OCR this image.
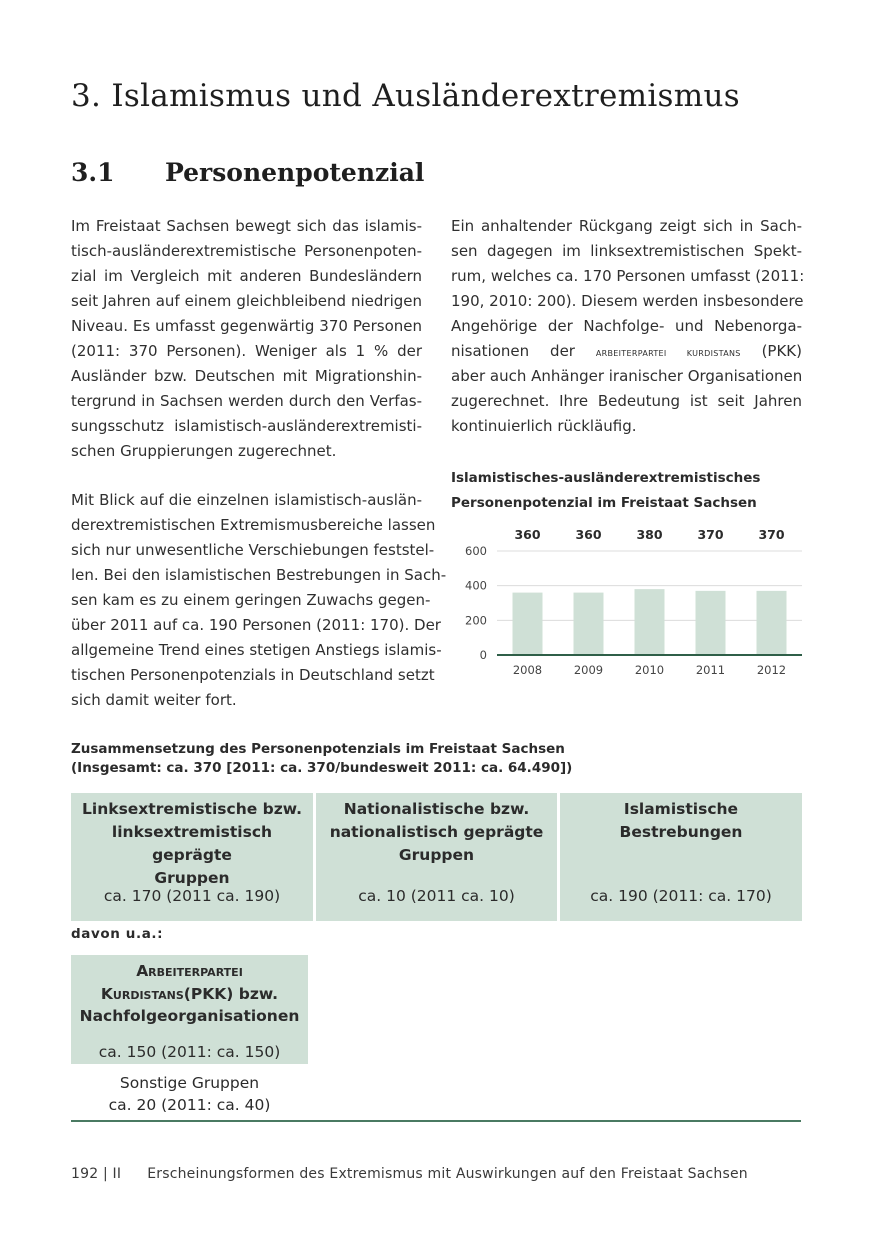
3. Islamismus und Ausländerextremismus
3.1 Personenpotenzial
Im Freistaat Sachsen bewegt sich das islamis-
tisch-ausländerextremistische Personenpoten-
zial im Vergleich mit anderen Bundesländern
seit Jahren auf einem gleichbleibend niedrigen
Niveau. Es umfasst gegenwärtig 370 Personen
(2011: 370 Personen). Weniger als 1 % der
Ausländer bzw. Deutschen mit Migrationshin-
tergrund in Sachsen werden durch den Verfas-
sungsschutz islamistisch-ausländerextremisti-
schen Gruppierungen zugerechnet.
Mit Blick auf die einzelnen islamistisch-auslän-
derextremistischen Extremismusbereiche lassen
sich nur unwesentliche Verschiebungen feststel-
len. Bei den islamistischen Bestrebungen in Sach-
sen kam es zu einem geringen Zuwachs gegen-
über 2011 auf ca. 190 Personen (2011: 170). Der
allgemeine Trend eines stetigen Anstiegs islamis-
tischen Personenpotenzials in Deutschland setzt
sich damit weiter fort.
Ein anhaltender Rückgang zeigt sich in Sach-
sen dagegen im linksextremistischen Spekt-
rum, welches ca. 170 Personen umfasst (2011:
190, 2010: 200). Diesem werden insbesondere
Angehörige der Nachfolge- und Nebenorga-
nisationen der arbeiterpartei kurdistans (PKK)
aber auch Anhänger iranischer Organisationen
zugerechnet. Ihre Bedeutung ist seit Jahren
kontinuierlich rückläufig.
Islamistisches-ausländerextremistisches
Personenpotenzial im Freistaat Sachsen
0
200
400
600
360
2008
360
2009
380
2010
370
2011
370
2012
Zusammensetzung des Personenpotenzials im Freistaat Sachsen
(Insgesamt: ca. 370 [2011: ca. 370/bundesweit 2011: ca. 64.490])
Linksextremistische bzw.
linksextremistisch geprägte
Gruppen
ca. 170 (2011 ca. 190)
Nationalistische bzw.
nationalistisch geprägte
Gruppen
ca. 10 (2011 ca. 10)
Islamistische
Bestrebungen
ca. 190 (2011: ca. 170)
davon u.a.:
Arbeiterpartei
Kurdistans(PKK) bzw.
Nachfolgeorganisationen
ca. 150 (2011: ca. 150)
Sonstige Gruppen
ca. 20 (2011: ca. 40)
192 | II Erscheinungsformen des Extremismus mit Auswirkungen auf den Freistaat Sachsen
